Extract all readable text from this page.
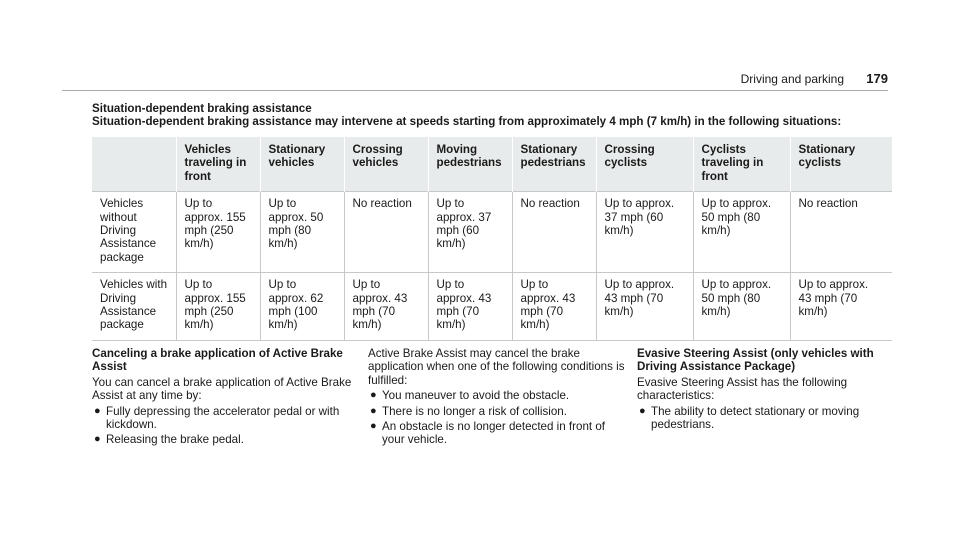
Driving and parking 179
Situation-dependent braking assistance
Situation-dependent braking assistance may intervene at speeds starting from approximately 4 mph (7 km/h) in the following situations:
	Vehicles traveling in front	Stationary vehicles	Crossing vehicles	Moving pedestrians	Stationary pedestrians	Crossing cyclists	Cyclists traveling in front	Stationary cyclists
Vehicles without Driving Assistance package	Up to approx. 155 mph (250 km/h)	Up to approx. 50 mph (80 km/h)	No reaction	Up to approx. 37 mph (60 km/h)	No reaction	Up to approx. 37 mph (60 km/h)	Up to approx. 50 mph (80 km/h)	No reaction
Vehicles with Driving Assistance package	Up to approx. 155 mph (250 km/h)	Up to approx. 62 mph (100 km/h)	Up to approx. 43 mph (70 km/h)	Up to approx. 43 mph (70 km/h)	Up to approx. 43 mph (70 km/h)	Up to approx. 43 mph (70 km/h)	Up to approx. 50 mph (80 km/h)	Up to approx. 43 mph (70 km/h)
Canceling a brake application of Active Brake Assist

You can cancel a brake application of Active Brake Assist at any time by:

● Fully depressing the accelerator pedal or with kickdown.
● Releasing the brake pedal.

Active Brake Assist may cancel the brake application when one of the following conditions is fulfilled:

● You maneuver to avoid the obstacle.
● There is no longer a risk of collision.
● An obstacle is no longer detected in front of your vehicle.
Evasive Steering Assist (only vehicles with Driving Assistance Package)

Evasive Steering Assist has the following characteristics:

● The ability to detect stationary or moving pedestrians.
